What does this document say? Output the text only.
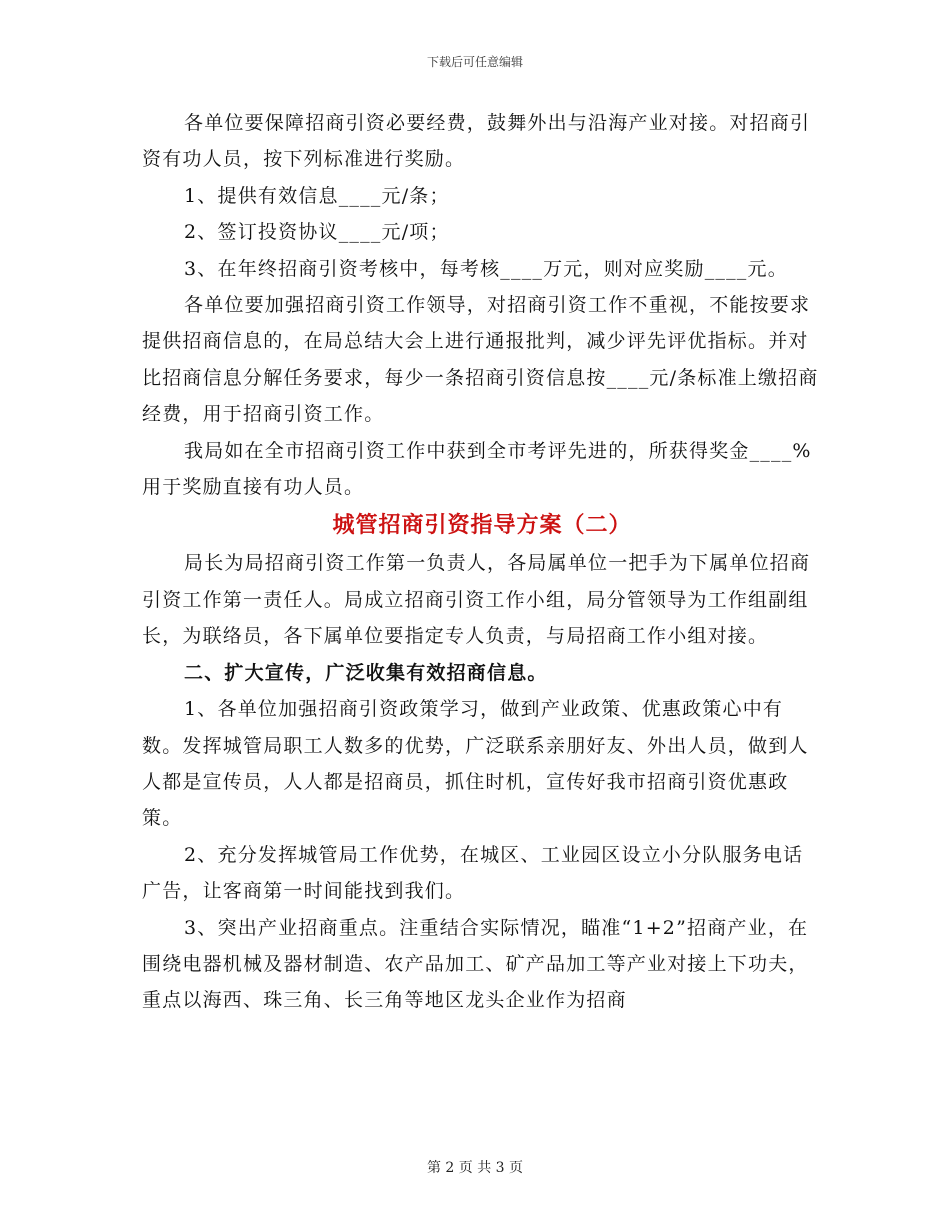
下载后可任意编辑

各单位要保障招商引资必要经费，鼓舞外出与沿海产业对接。对招商引资有功人员，按下列标准进行奖励。

1、提供有效信息____元/条；

2、签订投资协议____元/项；

3、在年终招商引资考核中，每考核____万元，则对应奖励____元。

各单位要加强招商引资工作领导，对招商引资工作不重视，不能按要求提供招商信息的，在局总结大会上进行通报批判，减少评先评优指标。并对比招商信息分解任务要求，每少一条招商引资信息按____元/条标准上缴招商经费，用于招商引资工作。

我局如在全市招商引资工作中获到全市考评先进的，所获得奖金____%用于奖励直接有功人员。

城管招商引资指导方案（二）

局长为局招商引资工作第一负责人，各局属单位一把手为下属单位招商引资工作第一责任人。局成立招商引资工作小组，局分管领导为工作组副组长，为联络员，各下属单位要指定专人负责，与局招商工作小组对接。

二、扩大宣传，广泛收集有效招商信息。

1、各单位加强招商引资政策学习，做到产业政策、优惠政策心中有数。发挥城管局职工人数多的优势，广泛联系亲朋好友、外出人员，做到人人都是宣传员，人人都是招商员，抓住时机，宣传好我市招商引资优惠政策。

2、充分发挥城管局工作优势，在城区、工业园区设立小分队服务电话广告，让客商第一时间能找到我们。

3、突出产业招商重点。注重结合实际情况，瞄准“1+2”招商产业，在围绕电器机械及器材制造、农产品加工、矿产品加工等产业对接上下功夫，重点以海西、珠三角、长三角等地区龙头企业作为招商

第 2 页 共 3 页
